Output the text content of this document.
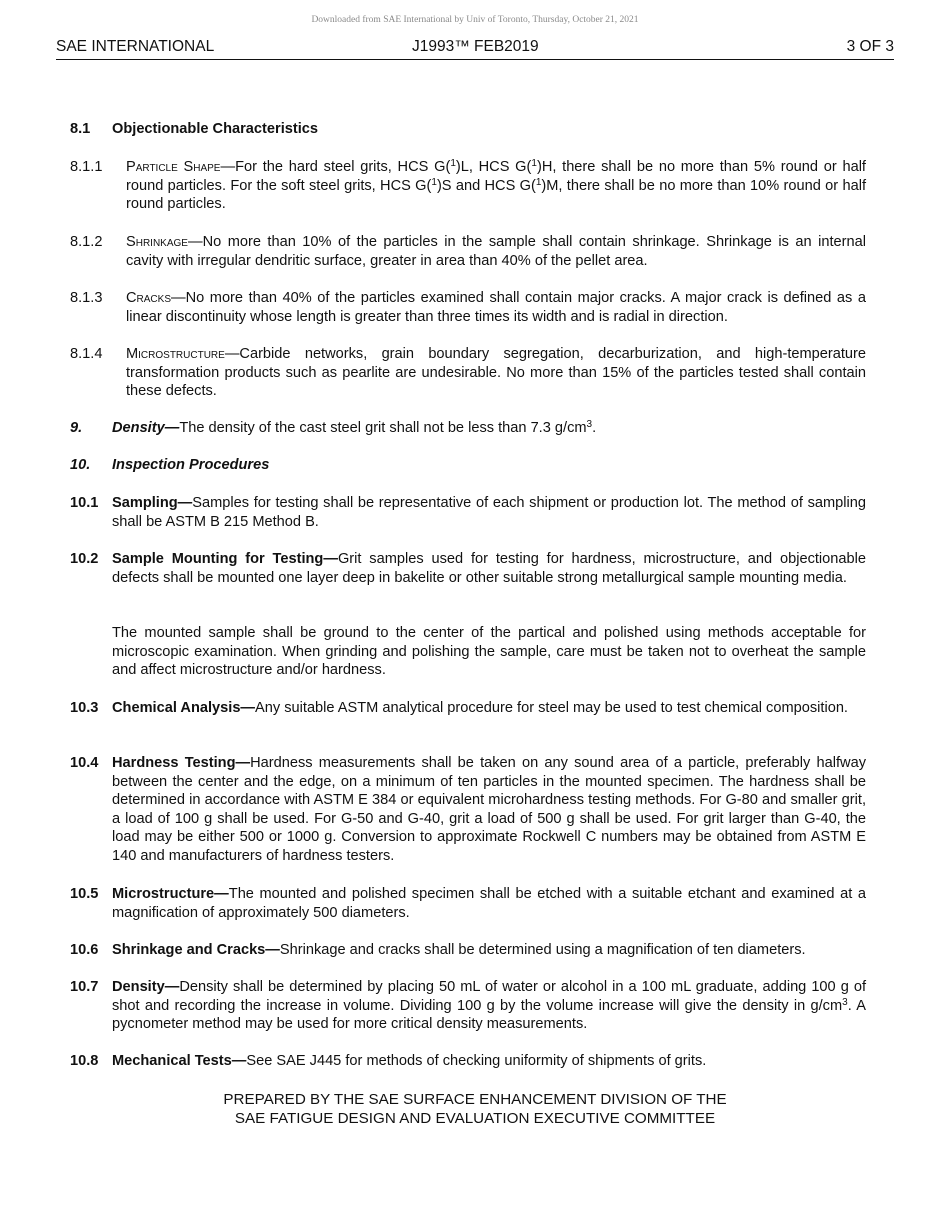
Downloaded from SAE International by Univ of Toronto, Thursday, October 21, 2021
SAE INTERNATIONAL	J1993™ FEB2019	3 OF 3
8.1	Objectionable Characteristics
8.1.1	Particle Shape—For the hard steel grits, HCS G($^1$)L, HCS G($^1$)H, there shall be no more than 5% round or half round particles. For the soft steel grits, HCS G($^1$)S and HCS G($^1$)M, there shall be no more than 10% round or half round particles.
8.1.2	Shrinkage—No more than 10% of the particles in the sample shall contain shrinkage. Shrinkage is an internal cavity with irregular dendritic surface, greater in area than 40% of the pellet area.
8.1.3	Cracks—No more than 40% of the particles examined shall contain major cracks. A major crack is defined as a linear discontinuity whose length is greater than three times its width and is radial in direction.
8.1.4	Microstructure—Carbide networks, grain boundary segregation, decarburization, and high-temperature transformation products such as pearlite are undesirable. No more than 15% of the particles tested shall contain these defects.
9.	Density—The density of the cast steel grit shall not be less than 7.3 $g/cm^3$.
10.	Inspection Procedures
10.1 Sampling—Samples for testing shall be representative of each shipment or production lot. The method of sampling shall be ASTM B 215 Method B.
10.2 Sample Mounting for Testing—Grit samples used for testing for hardness, microstructure, and objectionable defects shall be mounted one layer deep in bakelite or other suitable strong metallurgical sample mounting media.
The mounted sample shall be ground to the center of the partical and polished using methods acceptable for microscopic examination. When grinding and polishing the sample, care must be taken not to overheat the sample and affect microstructure and/or hardness.
10.3 Chemical Analysis—Any suitable ASTM analytical procedure for steel may be used to test chemical composition.
10.4 Hardness Testing—Hardness measurements shall be taken on any sound area of a particle, preferably halfway between the center and the edge, on a minimum of ten particles in the mounted specimen. The hardness shall be determined in accordance with ASTM E 384 or equivalent microhardness testing methods. For G-80 and smaller grit, a load of 100 g shall be used. For G-50 and G-40, grit a load of 500 g shall be used. For grit larger than G-40, the load may be either 500 or 1000 g. Conversion to approximate Rockwell C numbers may be obtained from ASTM E 140 and manufacturers of hardness testers.
10.5 Microstructure—The mounted and polished specimen shall be etched with a suitable etchant and examined at a magnification of approximately 500 diameters.
10.6 Shrinkage and Cracks—Shrinkage and cracks shall be determined using a magnification of ten diameters.
10.7 Density—Density shall be determined by placing 50 mL of water or alcohol in a 100 mL graduate, adding 100 g of shot and recording the increase in volume. Dividing 100 g by the volume increase will give the density in $g/cm^3$. A pycnometer method may be used for more critical density measurements.
10.8 Mechanical Tests—See SAE J445 for methods of checking uniformity of shipments of grits.
PREPARED BY THE SAE SURFACE ENHANCEMENT DIVISION OF THE
SAE FATIGUE DESIGN AND EVALUATION EXECUTIVE COMMITTEE
